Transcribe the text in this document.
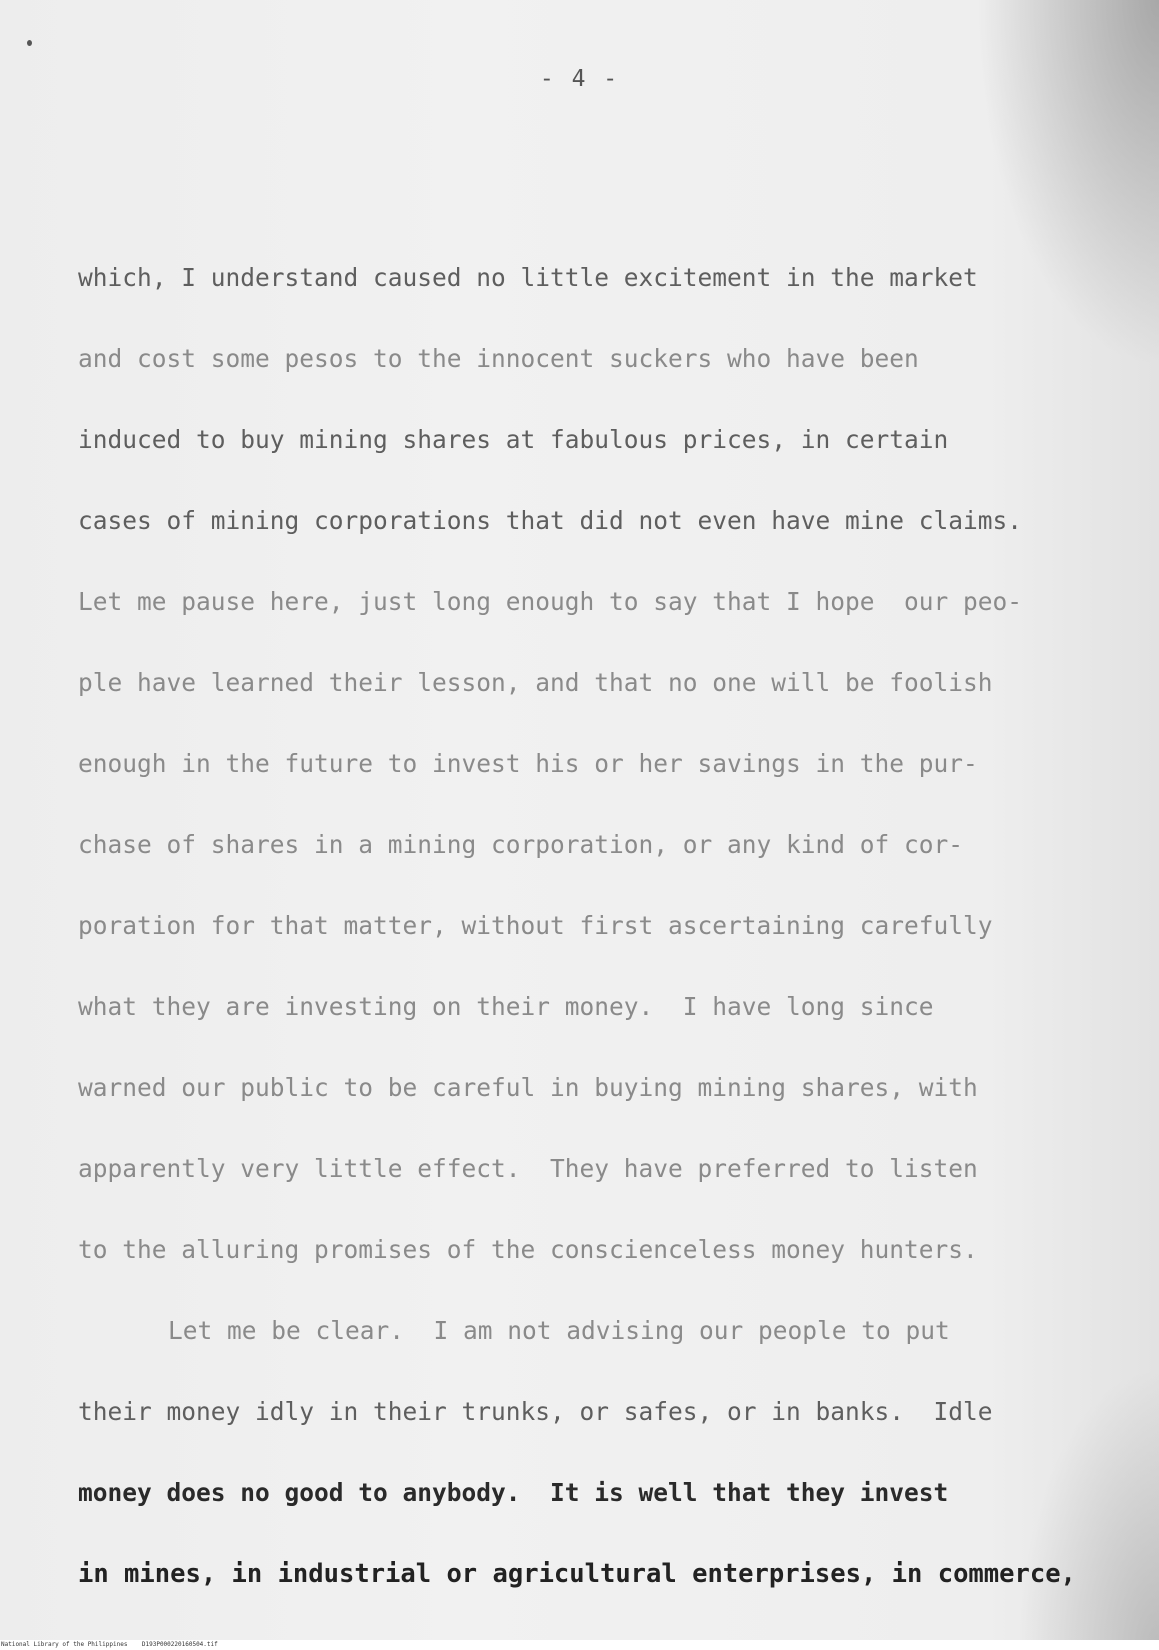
- 4 -
which, I understand caused no little excitement in the market
and cost some pesos to the innocent suckers who have been
induced to buy mining shares at fabulous prices, in certain
cases of mining corporations that did not even have mine claims.
Let me pause here, just long enough to say that I hope  our peo-
ple have learned their lesson, and that no one will be foolish
enough in the future to invest his or her savings in the pur-
chase of shares in a mining corporation, or any kind of cor-
poration for that matter, without first ascertaining carefully
what they are investing on their money.  I have long since
warned our public to be careful in buying mining shares, with
apparently very little effect.  They have preferred to listen
to the alluring promises of the conscienceless money hunters.
Let me be clear.  I am not advising our people to put
their money idly in their trunks, or safes, or in banks.  Idle
money does no good to anybody.  It is well that they invest
in mines, in industrial or agricultural enterprises, in commerce,
National Library of the Philippines    D193P000220160504.tif
